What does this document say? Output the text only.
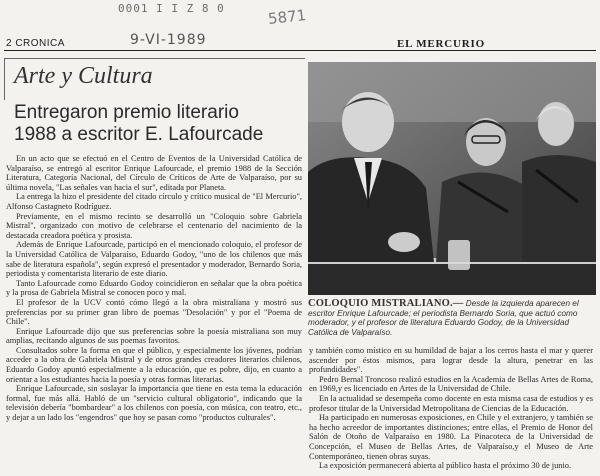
0001 I I Z 8 0	5871
2 CRONICA	9-VI-1989	EL MERCURIO
Arte y Cultura
Entregaron premio literario
1988 a escritor E. Lafourcade

En un acto que se efectuó en el Centro de Eventos de la Universidad Católica de Valparaíso, se entregó al escritor Enrique Lafourcade, el premio 1988 de la Sección Literatura, Categoría Nacional, del Círculo de Críticos de Arte de Valparaíso, por su última novela, "Las señales van hacia el sur", editada por Planeta.

La entrega la hizo el presidente del citado círculo y crítico musical de "El Mercurio", Alfonso Castagneto Rodríguez.

Previamente, en el mismo recinto se desarrolló un "Coloquio sobre Gabriela Mistral", organizado con motivo de celebrarse el centenario del nacimiento de la destacada creadora poética y prosista.

Además de Enrique Lafourcade, participó en el mencionado coloquio, el profesor de la Universidad Católica de Valparaíso, Eduardo Godoy, "uno de los chilenos que más sabe de literatura española", según expresó el presentador y moderador, Bernardo Soria, periodista y comentarista literario de este diario.

Tanto Lafourcade como Eduardo Godoy coincidieron en señalar que la obra poética y la prosa de Gabriela Mistral se conocen poco y mal.

El profesor de la UCV contó cómo llegó a la obra mistraliana y mostró sus preferencias por su primer gran libro de poemas "Desolación" y por el "Poema de Chile".

Enrique Lafourcade dijo que sus preferencias sobre la poesía mistraliana son muy amplias, recitando algunos de sus poemas favoritos.

Consultados sobre la forma en que el público, y especialmente los jóvenes, podrían acceder a la obra de Gabriela Mistral y de otros grandes creadores literarios chilenos, Eduardo Godoy apuntó especialmente a la educación, que es pobre, dijo, en cuanto a orientar a los estudiantes hacia la poesía y otras formas literarias.

Enrique Lafourcade, sin soslayar la importancia que tiene en esta tema la educación formal, fue más allá. Habló de un "servicio cultural obligatorio", indicando que la televisión debería "bombardear" a los chilenos con poesía, con música, con teatro, etc., y dejar a un lado los "engendros" que hoy se pasan como "productos culturales".

COLOQUIO MISTRALIANO.— Desde la izquierda aparecen el escritor Enrique Lafourcade; el periodista Bernardo Soria, que actuó como moderador, y el profesor de literatura Eduardo Godoy, de la Universidad Católica de Valparaíso.

y también como místico en su humildad de bajar a los cerros hasta el mar y querer ascender por éstos mismos, para lograr desde la altura, penetrar en las profundidades".

Pedro Bernal Troncoso realizó estudios en la Academia de Bellas Artes de Roma, en 1969,y es licenciado en Artes de la Universidad de Chile.

En la actualidad se desempeña como docente en esta misma casa de estudios y es profesor titular de la Universidad Metropolitana de Ciencias de la Educación.

Ha participado en numerosas exposiciones, en Chile y el extranjero, y también se ha hecho acreedor de importantes distinciones; entre ellas, el Premio de Honor del Salón de Otoño de Valparaíso en 1980. La Pinacoteca de la Universidad de Concepción, el Museo de Bellas Artes, de Valparaíso,y el Museo de Arte Contemporáneo, tienen obras suyas.

La exposición permanecerá abierta al público hasta el próximo 30 de junio.
